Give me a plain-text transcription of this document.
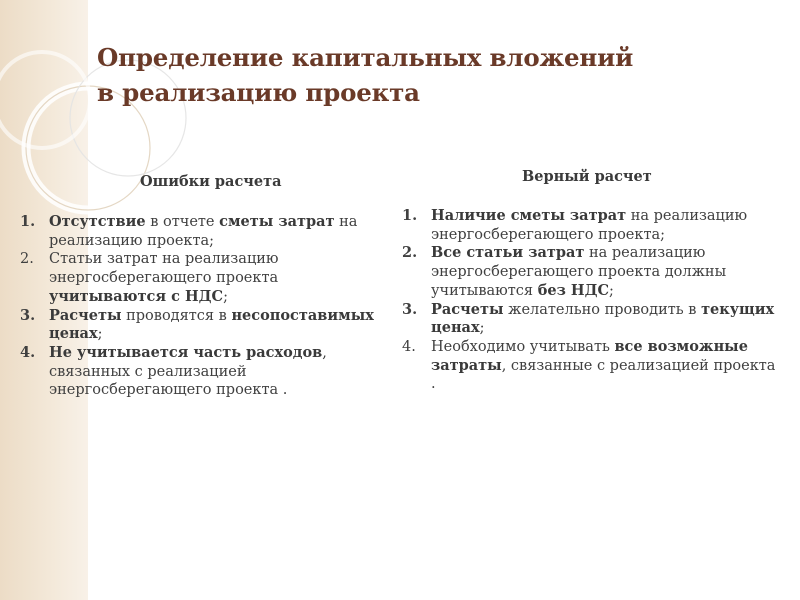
Определение капитальных вложений
в реализацию проекта
Ошибки расчета	Верный расчет
1. Отсутствие в отчете сметы затрат на реализацию проекта;
2. Статьи затрат на реализацию энергосберегающего проекта учитываются с НДС;
3. Расчеты проводятся в несопоставимых ценах;
4. Не учитывается часть расходов, связанных с реализацией энергосберегающего проекта .
1. Наличие сметы затрат на реализацию энергосберегающего проекта;
2. Все статьи затрат на реализацию энергосберегающего проекта должны учитываются без НДС;
3. Расчеты желательно проводить в текущих ценах;
4. Необходимо учитывать все возможные затраты, связанные с реализацией проекта .
